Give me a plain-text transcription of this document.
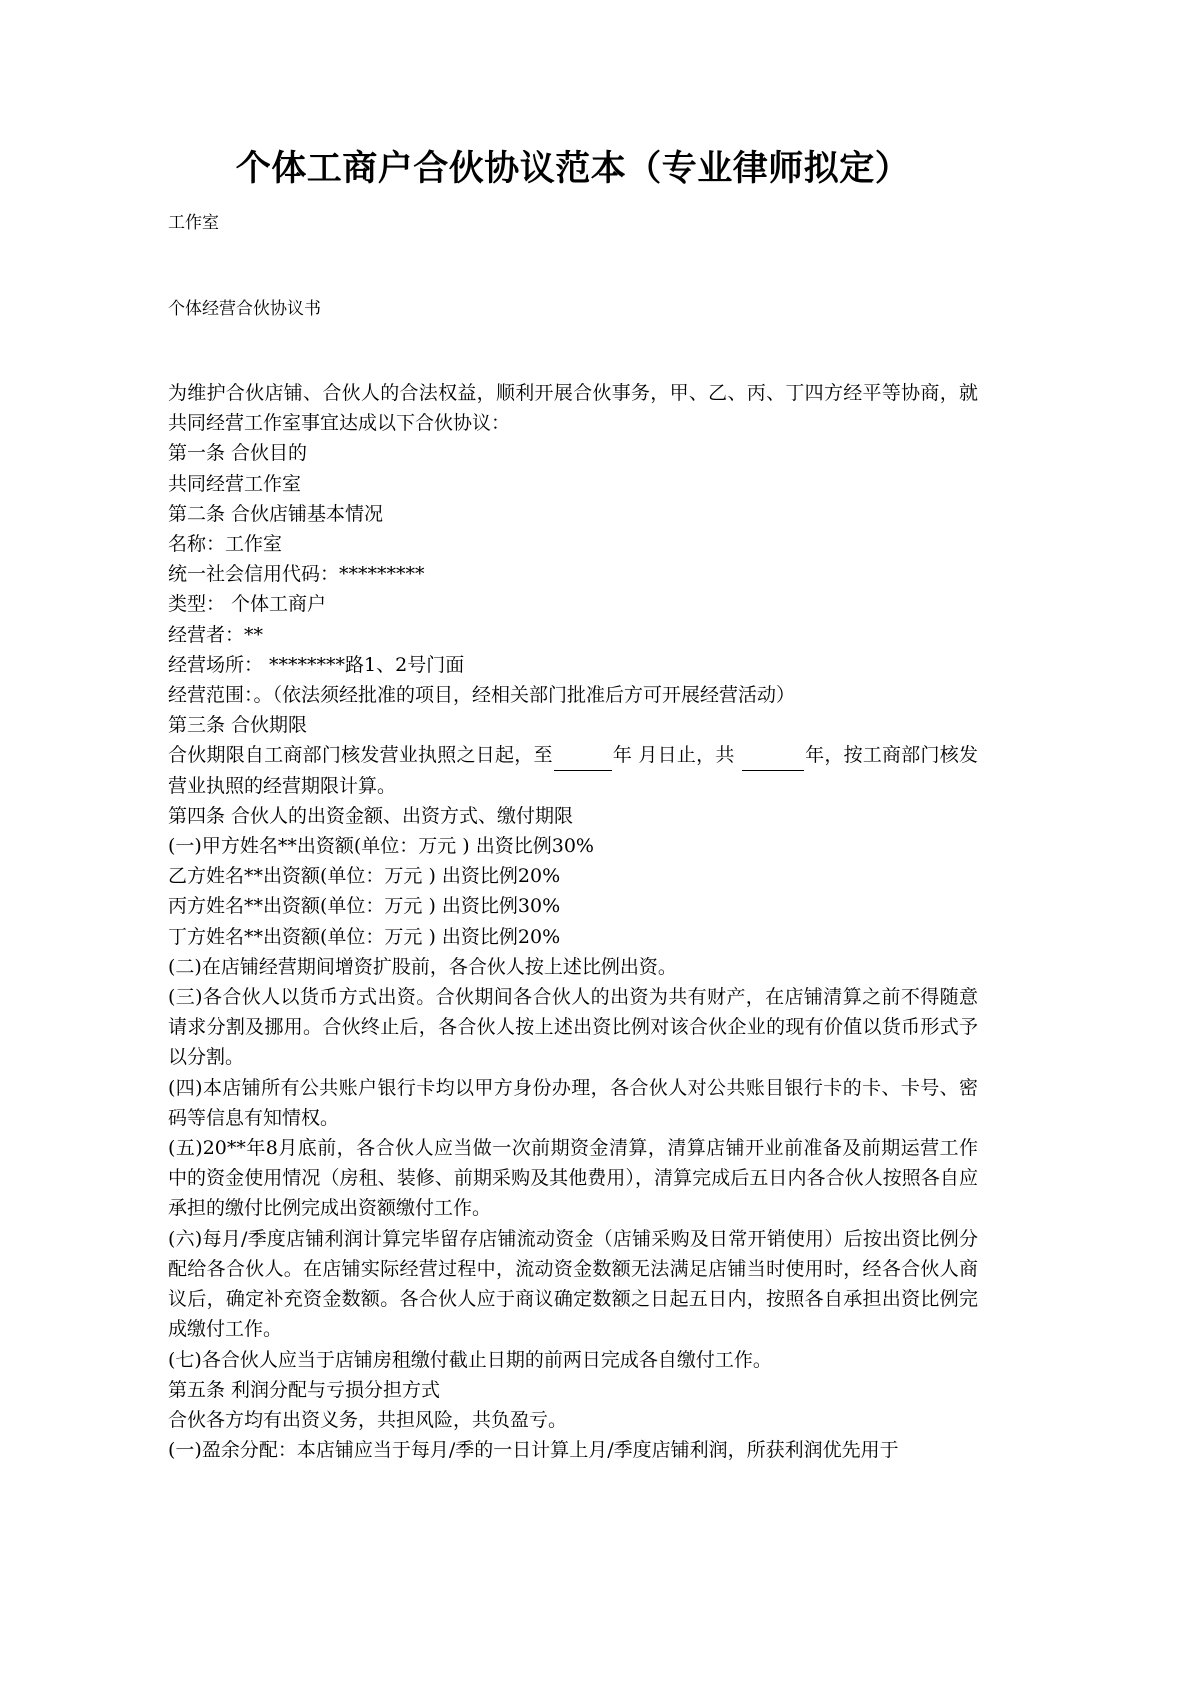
个体工商户合伙协议范本（专业律师拟定）
工作室
个体经营合伙协议书

为维护合伙店铺、合伙人的合法权益，顺利开展合伙事务，甲、乙、丙、丁四方经平等协商，就共同经营工作室事宜达成以下合伙协议：

第一条 合伙目的

共同经营工作室

第二条 合伙店铺基本情况

名称：工作室

统一社会信用代码：*********

类型： 个体工商户

经营者：**

经营场所： ********路1、2号门面

经营范围：。（依法须经批准的项目，经相关部门批准后方可开展经营活动）

第三条 合伙期限

合伙期限自工商部门核发营业执照之日起，至	年 月日止，共	年，按工商部门核发营业执照的经营期限计算。

第四条 合伙人的出资金额、出资方式、缴付期限

(一)甲方姓名**出资额(单位：万元 ) 出资比例30%

乙方姓名**出资额(单位：万元 ) 出资比例20%

丙方姓名**出资额(单位：万元 ) 出资比例30%

丁方姓名**出资额(单位：万元 ) 出资比例20%

(二)在店铺经营期间增资扩股前，各合伙人按上述比例出资。

(三)各合伙人以货币方式出资。合伙期间各合伙人的出资为共有财产，在店铺清算之前不得随意请求分割及挪用。合伙终止后，各合伙人按上述出资比例对该合伙企业的现有价值以货币形式予以分割。

(四)本店铺所有公共账户银行卡均以甲方身份办理，各合伙人对公共账目银行卡的卡、卡号、密码等信息有知情权。

(五)20**年8月底前，各合伙人应当做一次前期资金清算，清算店铺开业前准备及前期运营工作中的资金使用情况（房租、装修、前期采购及其他费用），清算完成后五日内各合伙人按照各自应承担的缴付比例完成出资额缴付工作。

(六)每月/季度店铺利润计算完毕留存店铺流动资金（店铺采购及日常开销使用）后按出资比例分配给各合伙人。在店铺实际经营过程中，流动资金数额无法满足店铺当时使用时，经各合伙人商议后，确定补充资金数额。各合伙人应于商议确定数额之日起五日内，按照各自承担出资比例完成缴付工作。

(七)各合伙人应当于店铺房租缴付截止日期的前两日完成各自缴付工作。

第五条 利润分配与亏损分担方式

合伙各方均有出资义务，共担风险，共负盈亏。

(一)盈余分配：本店铺应当于每月/季的一日计算上月/季度店铺利润，所获利润优先用于
